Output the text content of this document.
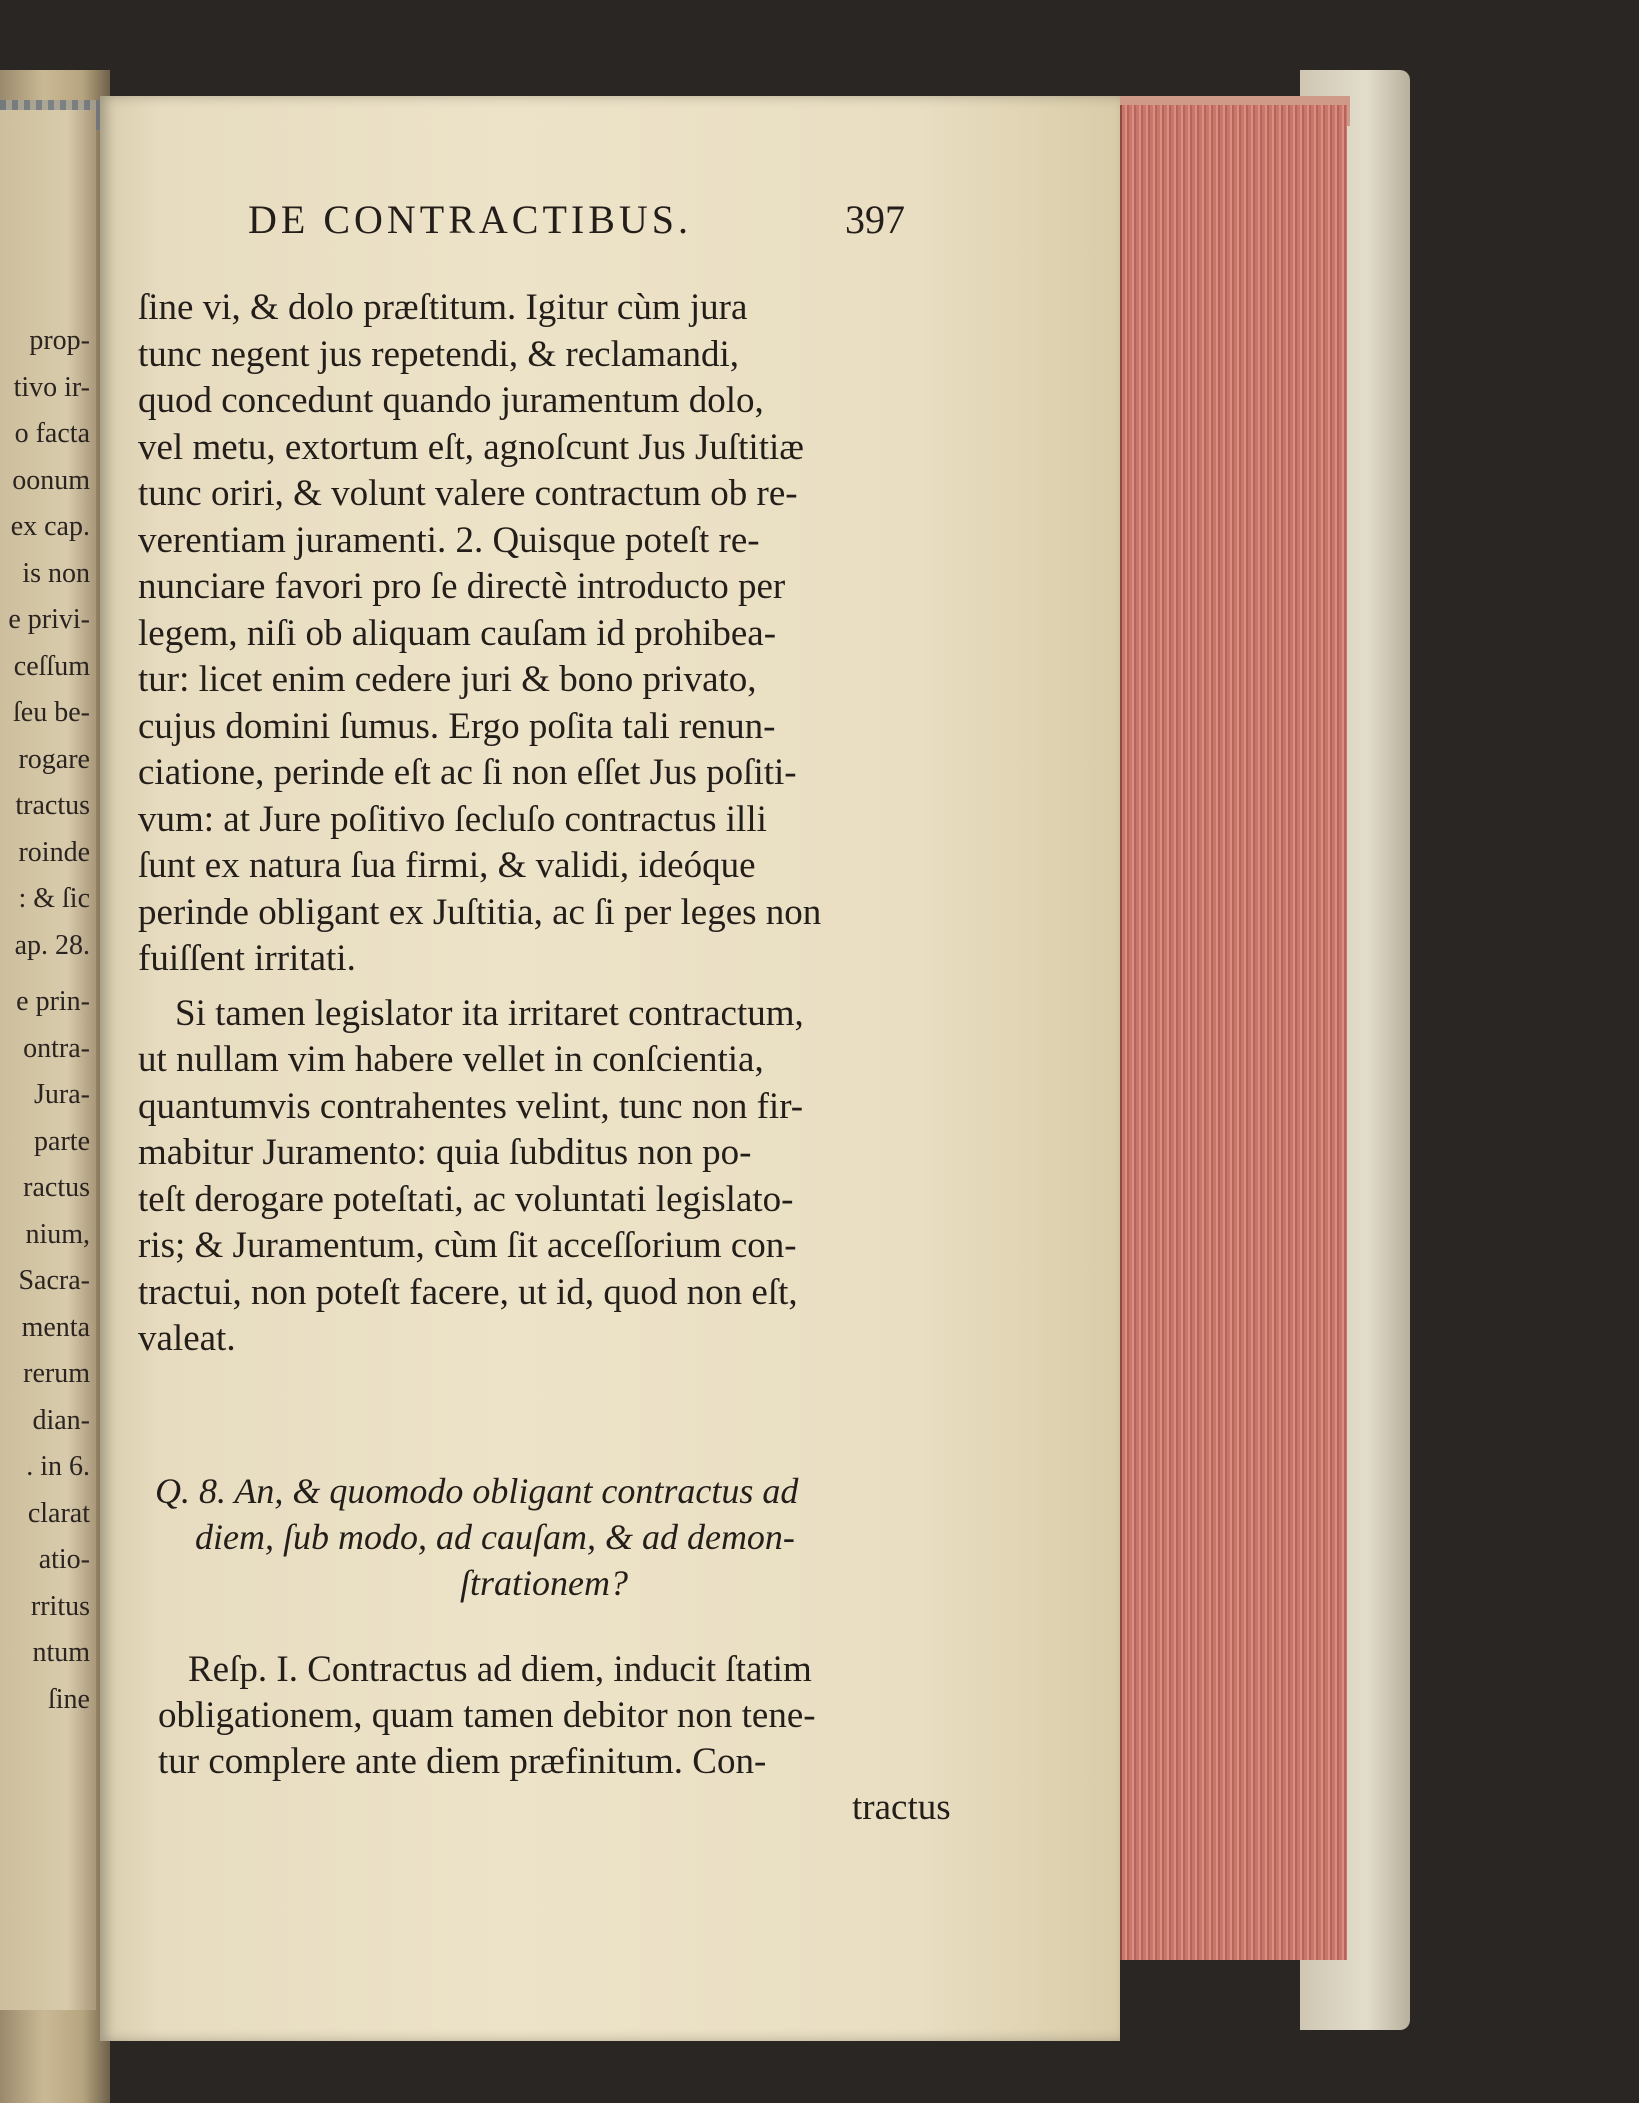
prop-
tivo ir-
o facta
oonum
ex cap.
is non
e privi-
ceſſum
ſeu be-
rogare
tractus
roinde
: & ſic
ap. 28.
e prin-
ontra-
Jura-
parte
ractus
nium,
Sacra-
menta
rerum
dian-
. in 6.
clarat
atio-
rritus
ntum
ſine
DE CONTRACTIBUS.	397
ſine vi, & dolo præſtitum. Igitur cùm jura
tunc negent jus repetendi, & reclamandi,
quod concedunt quando juramentum dolo,
vel metu, extortum eſt, agnoſcunt Jus Juſtitiæ
tunc oriri, & volunt valere contractum ob re-
verentiam juramenti. 2. Quisque poteſt re-
nunciare favori pro ſe directè introducto per
legem, niſi ob aliquam cauſam id prohibea-
tur: licet enim cedere juri & bono privato,
cujus domini ſumus. Ergo poſita tali renun-
ciatione, perinde eſt ac ſi non eſſet Jus poſiti-
vum: at Jure poſitivo ſecluſo contractus illi
ſunt ex natura ſua firmi, & validi, ideóque
perinde obligant ex Juſtitia, ac ſi per leges non
fuiſſent irritati.
Si tamen legislator ita irritaret contractum,
ut nullam vim habere vellet in conſcientia,
quantumvis contrahentes velint, tunc non fir-
mabitur Juramento: quia ſubditus non po-
teſt derogare poteſtati, ac voluntati legislato-
ris; & Juramentum, cùm ſit acceſſorium con-
tractui, non poteſt facere, ut id, quod non eſt,
valeat.
Q. 8. An, & quomodo obligant contractus ad
diem, ſub modo, ad cauſam, & ad demon-
ſtrationem?
Reſp. I. Contractus ad diem, inducit ſtatim
obligationem, quam tamen debitor non tene-
tur complere ante diem præfinitum. Con-
tractus
